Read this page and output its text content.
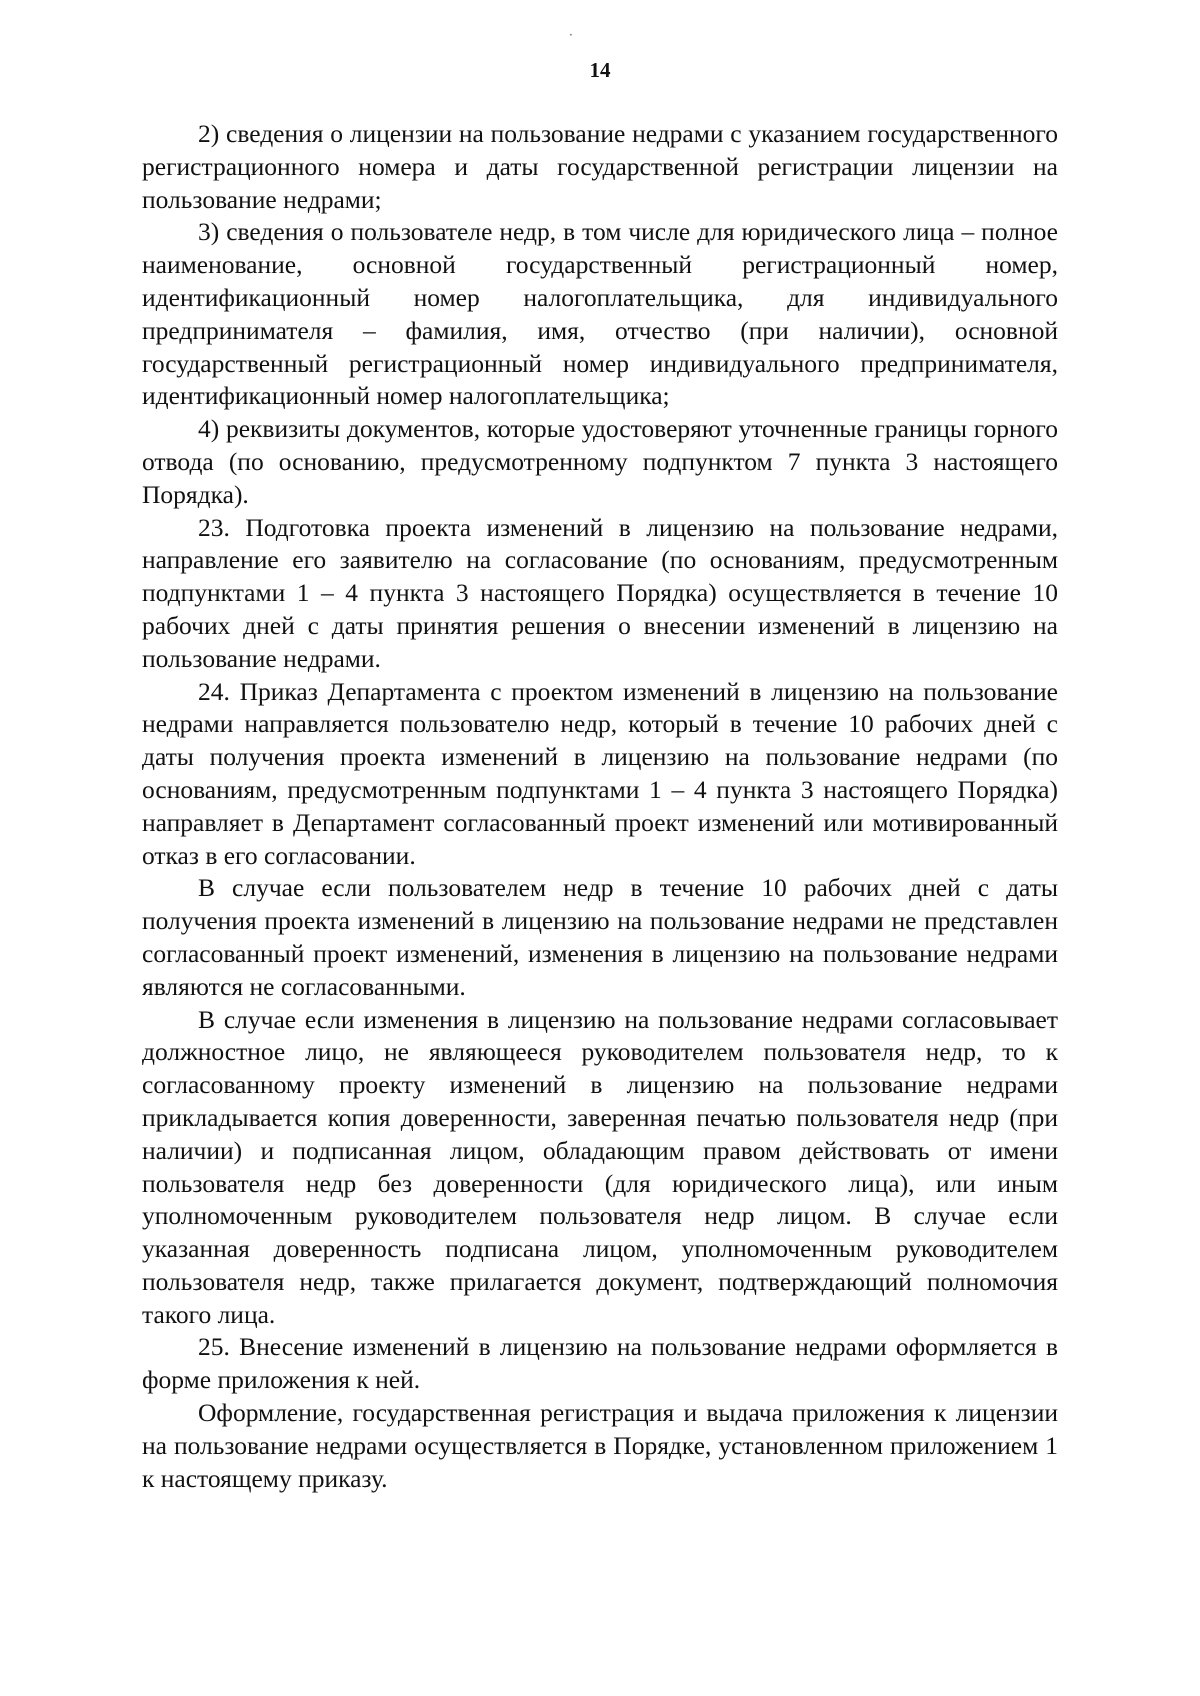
·
14

2) сведения о лицензии на пользование недрами с указанием государственного регистрационного номера и даты государственной регистрации лицензии на пользование недрами;

3) сведения о пользователе недр, в том числе для юридического лица – полное наименование, основной государственный регистрационный номер, идентификационный номер налогоплательщика, для индивидуального предпринимателя – фамилия, имя, отчество (при наличии), основной государственный регистрационный номер индивидуального предпринимателя, идентификационный номер налогоплательщика;

4) реквизиты документов, которые удостоверяют уточненные границы горного отвода (по основанию, предусмотренному подпунктом 7 пункта 3 настоящего Порядка).

23. Подготовка проекта изменений в лицензию на пользование недрами, направление его заявителю на согласование (по основаниям, предусмотренным подпунктами 1 – 4 пункта 3 настоящего Порядка) осуществляется в течение 10 рабочих дней с даты принятия решения о внесении изменений в лицензию на пользование недрами.

24. Приказ Департамента с проектом изменений в лицензию на пользование недрами направляется пользователю недр, который в течение 10 рабочих дней с даты получения проекта изменений в лицензию на пользование недрами (по основаниям, предусмотренным подпунктами 1 – 4 пункта 3 настоящего Порядка) направляет в Департамент согласованный проект изменений или мотивированный отказ в его согласовании.

В случае если пользователем недр в течение 10 рабочих дней с даты получения проекта изменений в лицензию на пользование недрами не представлен согласованный проект изменений, изменения в лицензию на пользование недрами являются не согласованными.

В случае если изменения в лицензию на пользование недрами согласовывает должностное лицо, не являющееся руководителем пользователя недр, то к согласованному проекту изменений в лицензию на пользование недрами прикладывается копия доверенности, заверенная печатью пользователя недр (при наличии) и подписанная лицом, обладающим правом действовать от имени пользователя недр без доверенности (для юридического лица), или иным уполномоченным руководителем пользователя недр лицом. В случае если указанная доверенность подписана лицом, уполномоченным руководителем пользователя недр, также прилагается документ, подтверждающий полномочия такого лица.

25. Внесение изменений в лицензию на пользование недрами оформляется в форме приложения к ней.

Оформление, государственная регистрация и выдача приложения к лицензии на пользование недрами осуществляется в Порядке, установленном приложением 1 к настоящему приказу.
